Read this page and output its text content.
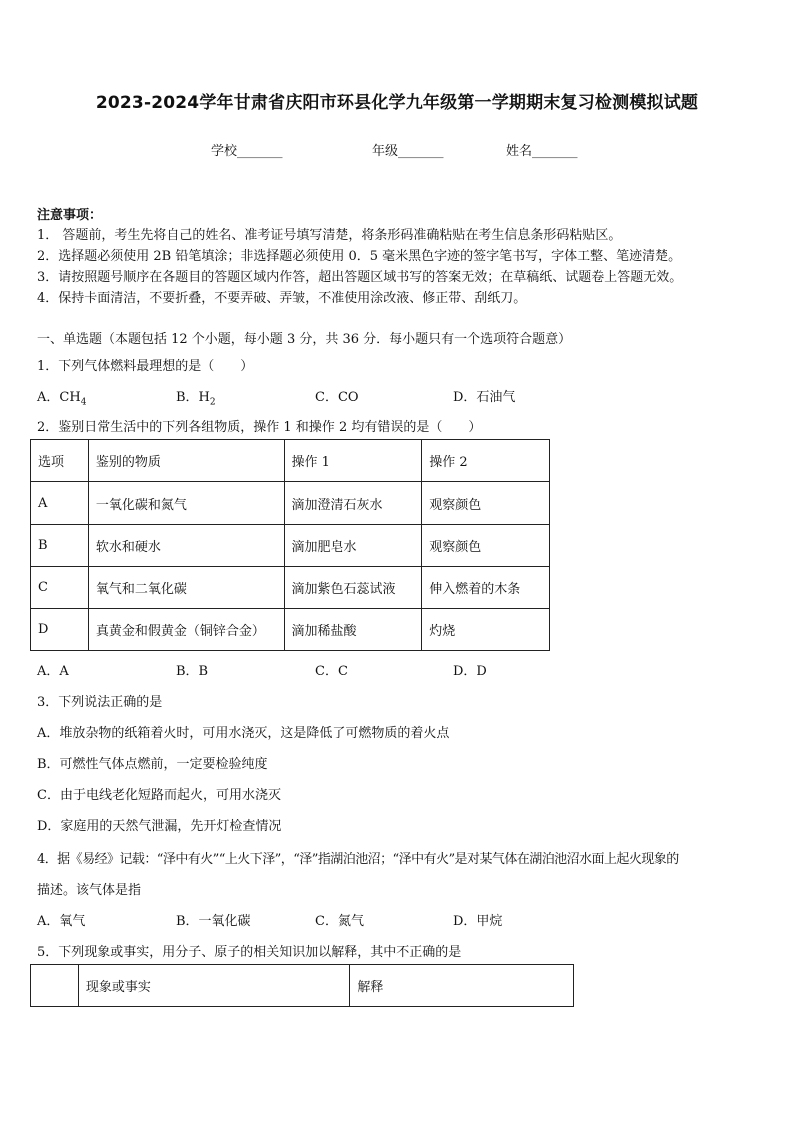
2023-2024学年甘肃省庆阳市环县化学九年级第一学期期末复习检测模拟试题
学校_______	年级_______	姓名_______
注意事项：
1． 答题前，考生先将自己的姓名、准考证号填写清楚，将条形码准确粘贴在考生信息条形码粘贴区。
2．选择题必须使用 2B 铅笔填涂；非选择题必须使用 0．5 毫米黑色字迹的签字笔书写，字体工整、笔迹清楚。
3．请按照题号顺序在各题目的答题区域内作答，超出答题区域书写的答案无效；在草稿纸、试题卷上答题无效。
4．保持卡面清洁，不要折叠，不要弄破、弄皱，不准使用涂改液、修正带、刮纸刀。
一、单选题（本题包括 12 个小题，每小题 3 分，共 36 分．每小题只有一个选项符合题意）
1．下列气体燃料最理想的是（　　）
A．$CH_4$	B．$H_2$	C．CO	D．石油气
2．鉴别日常生活中的下列各组物质，操作 1 和操作 2 均有错误的是（　　）
选项	鉴别的物质	操作 1	操作 2
A	一氧化碳和氮气	滴加澄清石灰水	观察颜色
B	软水和硬水	滴加肥皂水	观察颜色
C	氧气和二氧化碳	滴加紫色石蕊试液	伸入燃着的木条
D	真黄金和假黄金（铜锌合金）	滴加稀盐酸	灼烧
A．A	B．B	C．C	D．D
3．下列说法正确的是
A．堆放杂物的纸箱着火时，可用水浇灭，这是降低了可燃物质的着火点
B．可燃性气体点燃前，一定要检验纯度
C．由于电线老化短路而起火，可用水浇灭
D．家庭用的天然气泄漏，先开灯检查情况
4．据《易经》记载：“泽中有火”“上火下泽”，“泽”指湖泊池沼；“泽中有火”是对某气体在湖泊池沼水面上起火现象的
描述。该气体是指
A．氧气	B．一氧化碳	C．氮气	D．甲烷
5．下列现象或事实，用分子、原子的相关知识加以解释，其中不正确的是
	现象或事实	解释
